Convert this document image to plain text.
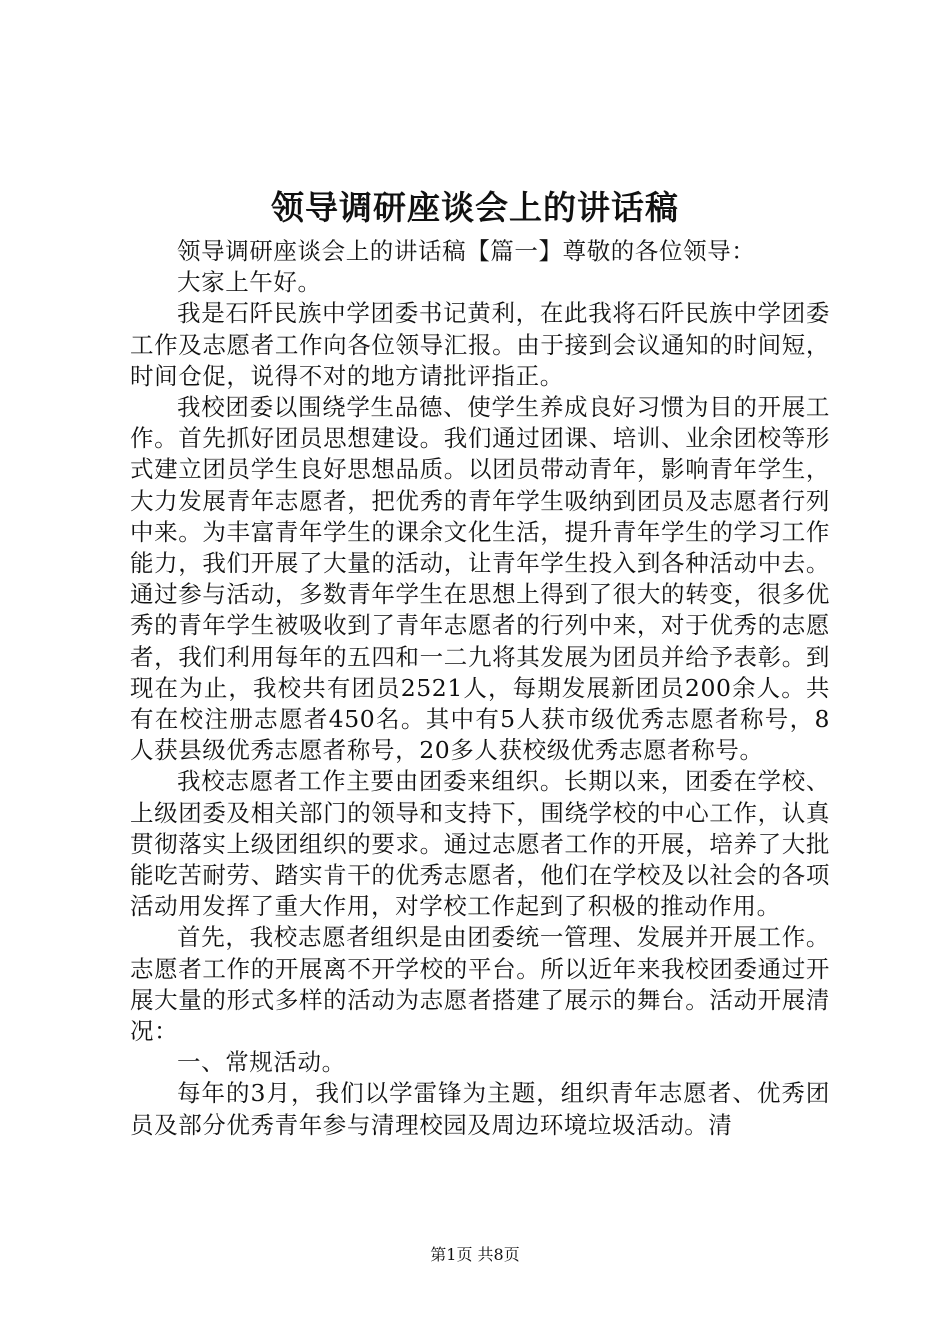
领导调研座谈会上的讲话稿

领导调研座谈会上的讲话稿【篇一】尊敬的各位领导：

大家上午好。

我是石阡民族中学团委书记黄利，在此我将石阡民族中学团委工作及志愿者工作向各位领导汇报。由于接到会议通知的时间短，时间仓促，说得不对的地方请批评指正。

我校团委以围绕学生品德、使学生养成良好习惯为目的开展工作。首先抓好团员思想建设。我们通过团课、培训、业余团校等形式建立团员学生良好思想品质。以团员带动青年，影响青年学生，大力发展青年志愿者，把优秀的青年学生吸纳到团员及志愿者行列中来。为丰富青年学生的课余文化生活，提升青年学生的学习工作能力，我们开展了大量的活动，让青年学生投入到各种活动中去。通过参与活动，多数青年学生在思想上得到了很大的转变，很多优秀的青年学生被吸收到了青年志愿者的行列中来，对于优秀的志愿者，我们利用每年的五四和一二九将其发展为团员并给予表彰。到现在为止，我校共有团员2521人，每期发展新团员200余人。共有在校注册志愿者450名。其中有5人获市级优秀志愿者称号，8人获县级优秀志愿者称号，20多人获校级优秀志愿者称号。

我校志愿者工作主要由团委来组织。长期以来，团委在学校、上级团委及相关部门的领导和支持下，围绕学校的中心工作，认真贯彻落实上级团组织的要求。通过志愿者工作的开展，培养了大批能吃苦耐劳、踏实肯干的优秀志愿者，他们在学校及以社会的各项活动用发挥了重大作用，对学校工作起到了积极的推动作用。

首先，我校志愿者组织是由团委统一管理、发展并开展工作。志愿者工作的开展离不开学校的平台。所以近年来我校团委通过开展大量的形式多样的活动为志愿者搭建了展示的舞台。活动开展清况：

一、常规活动。

每年的3月，我们以学雷锋为主题，组织青年志愿者、优秀团员及部分优秀青年参与清理校园及周边环境垃圾活动。清

第1页 共8页
